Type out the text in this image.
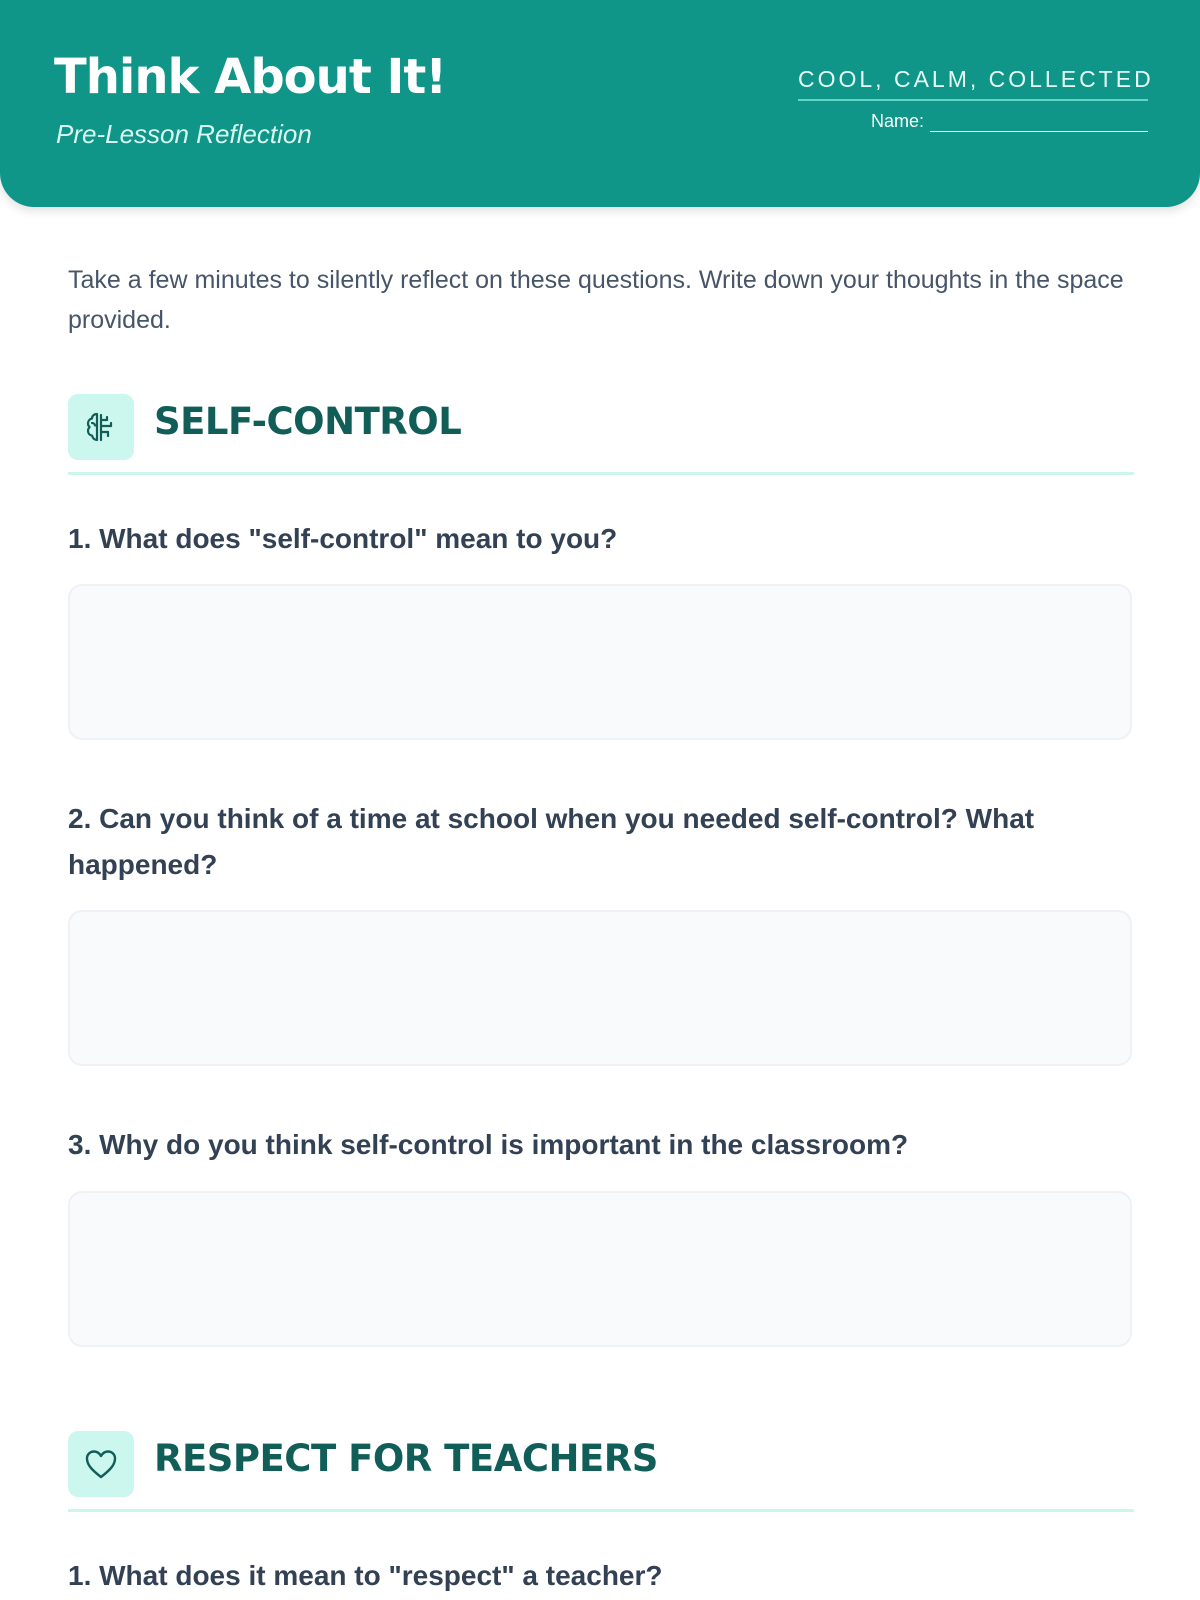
Think About It!
Pre-Lesson Reflection
COOL, CALM, COLLECTED
Name:

Take a few minutes to silently reflect on these questions. Write down your thoughts in the space provided.

SELF-CONTROL
1. What does "self-control" mean to you?
2. Can you think of a time at school when you needed self-control? What happened?
3. Why do you think self-control is important in the classroom?
RESPECT FOR TEACHERS
1. What does it mean to "respect" a teacher?
